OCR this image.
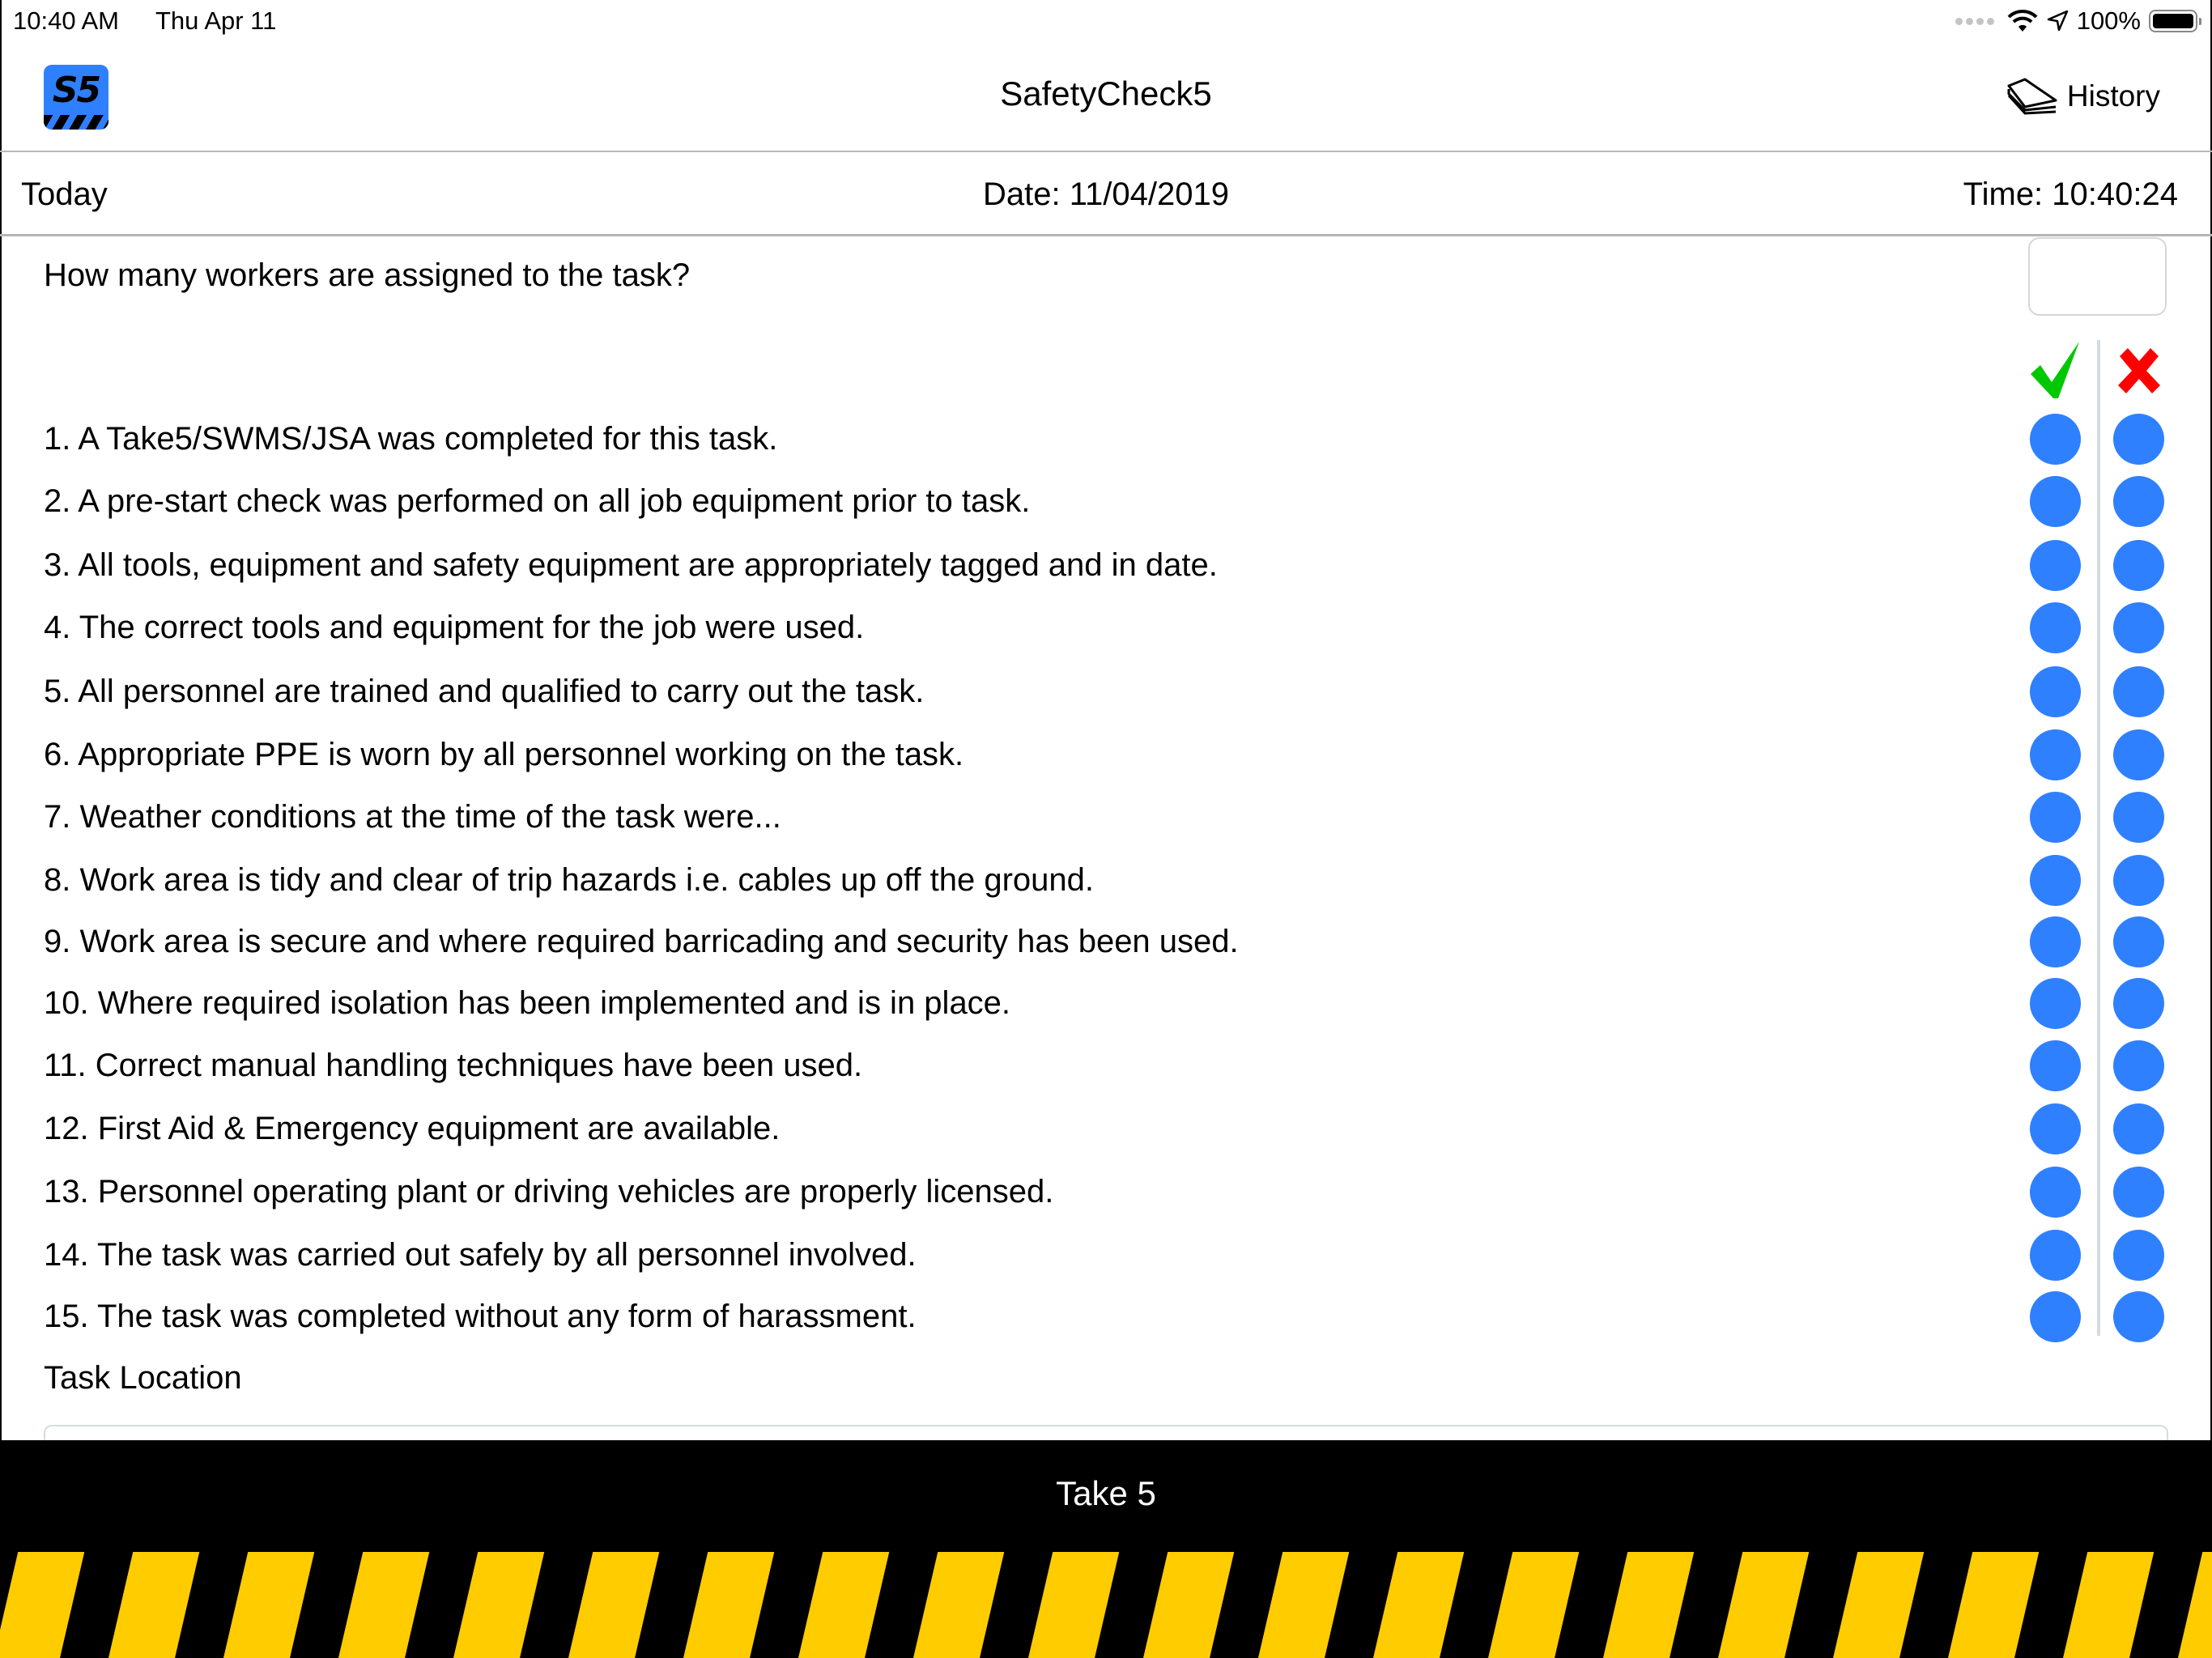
10:40 AM Thu Apr 11	100%
S5	SafetyCheck5	History
Today	Date: 11/04/2019	Time: 10:40:24
How many workers are assigned to the task?
1. A Take5/SWMS/JSA was completed for this task.
2. A pre-start check was performed on all job equipment prior to task.
3. All tools, equipment and safety equipment are appropriately tagged and in date.
4. The correct tools and equipment for the job were used.
5. All personnel are trained and qualified to carry out the task.
6. Appropriate PPE is worn by all personnel working on the task.
7. Weather conditions at the time of the task were...
8. Work area is tidy and clear of trip hazards i.e. cables up off the ground.
9. Work area is secure and where required barricading and security has been used.
10. Where required isolation has been implemented and is in place.
11. Correct manual handling techniques have been used.
12. First Aid & Emergency equipment are available.
13. Personnel operating plant or driving vehicles are properly licensed.
14. The task was carried out safely by all personnel involved.
15. The task was completed without any form of harassment.
Task Location
Take 5
